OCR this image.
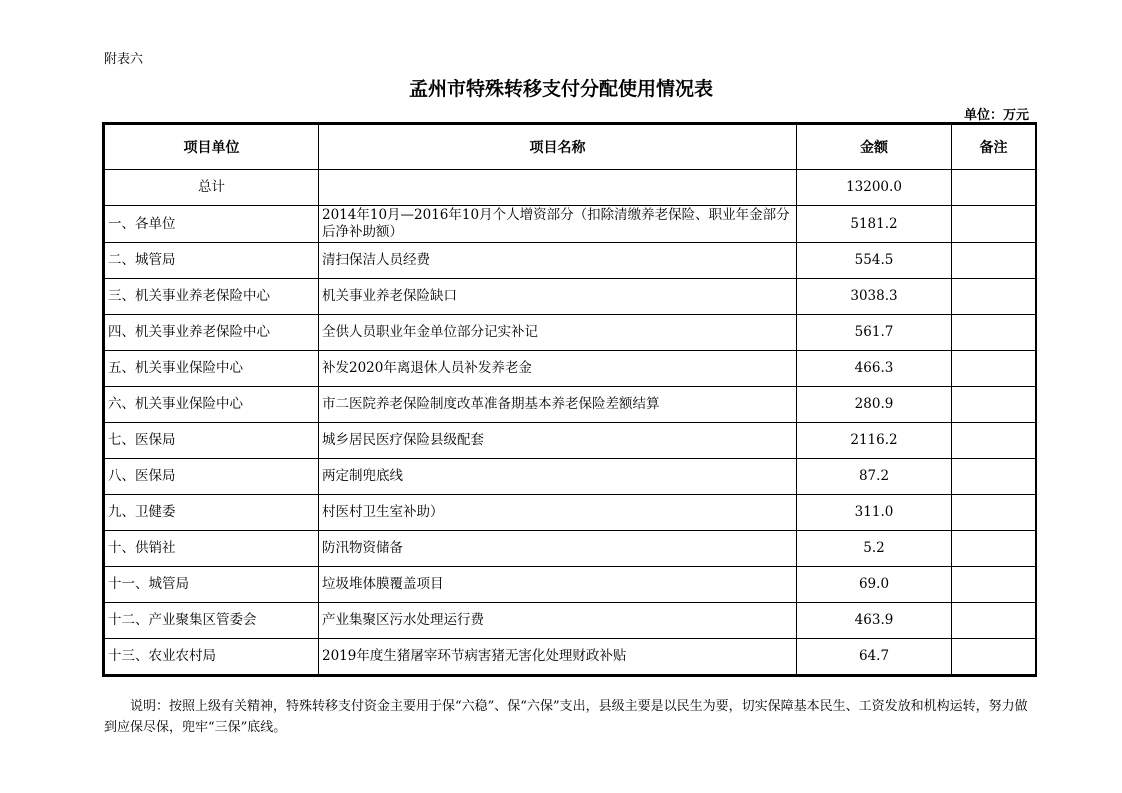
附表六
孟州市特殊转移支付分配使用情况表
单位：万元
项目单位	项目名称	金额	备注
总计		13200.0	
一、各单位	2014年10月—2016年10月个人增资部分（扣除清缴养老保险、职业年金部分后净补助额）	5181.2	
二、城管局	清扫保洁人员经费	554.5	
三、机关事业养老保险中心	机关事业养老保险缺口	3038.3	
四、机关事业养老保险中心	全供人员职业年金单位部分记实补记	561.7	
五、机关事业保险中心	补发2020年离退休人员补发养老金	466.3	
六、机关事业保险中心	市二医院养老保险制度改革准备期基本养老保险差额结算	280.9	
七、医保局	城乡居民医疗保险县级配套	2116.2	
八、医保局	两定制兜底线	87.2	
九、卫健委	村医村卫生室补助）	311.0	
十、供销社	防汛物资储备	5.2	
十一、城管局	垃圾堆体膜覆盖项目	69.0	
十二、产业聚集区管委会	产业集聚区污水处理运行费	463.9	
十三、农业农村局	2019年度生猪屠宰环节病害猪无害化处理财政补贴	64.7	
说明：按照上级有关精神，特殊转移支付资金主要用于保“六稳”、保“六保”支出，县级主要是以民生为要，切实保障基本民生、工资发放和机构运转，努力做到应保尽保，兜牢“三保”底线。
